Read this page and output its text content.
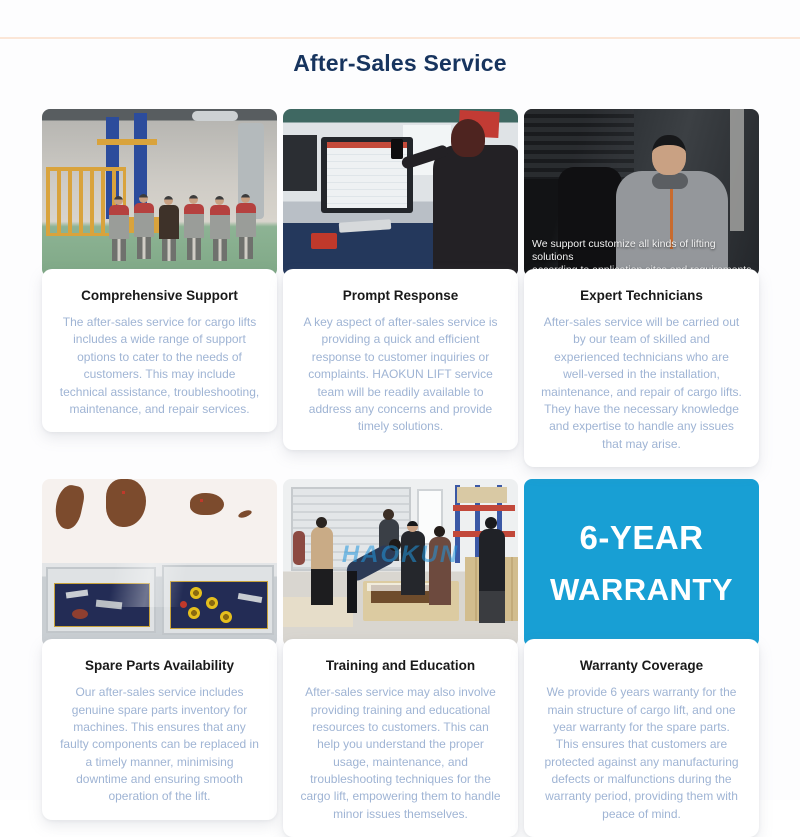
After-Sales Service
Comprehensive Support

The after-sales service for cargo lifts includes a wide range of support options to cater to the needs of customers. This may include technical assistance, troubleshooting, maintenance, and repair services.

Prompt Response

A key aspect of after-sales service is providing a quick and efficient response to customer inquiries or complaints. HAOKUN LIFT service team will be readily available to address any concerns and provide timely solutions.

We support customize all kinds of lifting solutions
Expert Technicians

After-sales service will be carried out by our team of skilled and experienced technicians who are well-versed in the installation, maintenance, and repair of cargo lifts. They have the necessary knowledge and expertise to handle any issues that may arise.

Spare Parts Availability

Our after-sales service includes genuine spare parts inventory for machines. This ensures that any faulty components can be replaced in a timely manner, minimising downtime and ensuring smooth operation of the lift.

HAOKUN
Training and Education

After-sales service may also involve providing training and educational resources to customers. This can help you understand the proper usage, maintenance, and troubleshooting techniques for the cargo lift, empowering them to handle minor issues themselves.

6-YEAR
WARRANTY
Warranty Coverage

We provide 6 years warranty for the main structure of cargo lift, and one year warranty for the spare parts. This ensures that customers are protected against any manufacturing defects or malfunctions during the warranty period, providing them with peace of mind.
